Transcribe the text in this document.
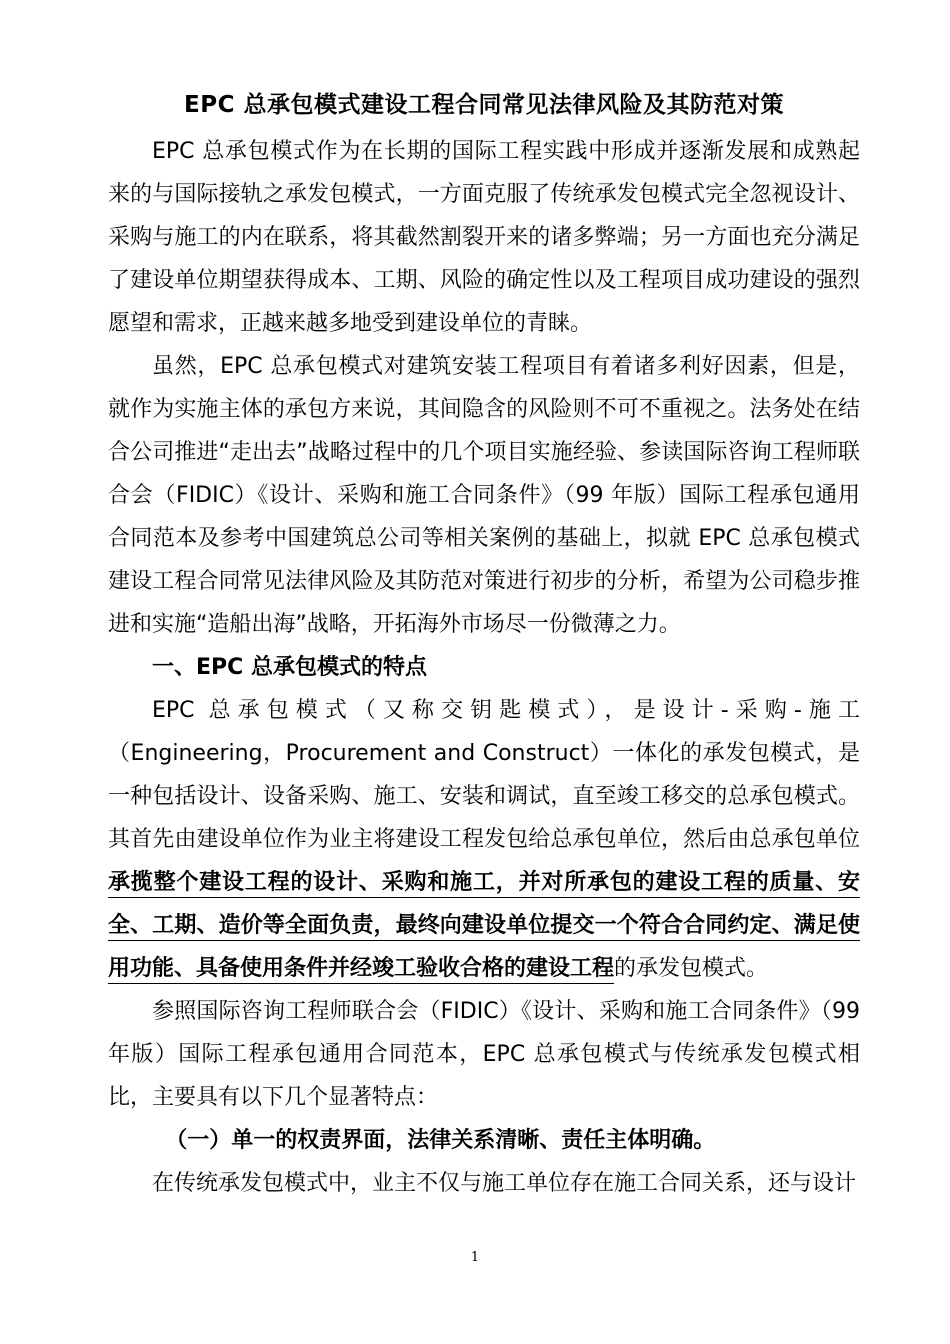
EPC 总承包模式建设工程合同常见法律风险及其防范对策

EPC 总承包模式作为在长期的国际工程实践中形成并逐渐发展和成熟起来的与国际接轨之承发包模式，一方面克服了传统承发包模式完全忽视设计、采购与施工的内在联系，将其截然割裂开来的诸多弊端；另一方面也充分满足了建设单位期望获得成本、工期、风险的确定性以及工程项目成功建设的强烈愿望和需求，正越来越多地受到建设单位的青睐。

虽然，EPC 总承包模式对建筑安装工程项目有着诸多利好因素，但是，就作为实施主体的承包方来说，其间隐含的风险则不可不重视之。法务处在结合公司推进“走出去”战略过程中的几个项目实施经验、参读国际咨询工程师联合会（FIDIC）《设计、采购和施工合同条件》（99 年版）国际工程承包通用合同范本及参考中国建筑总公司等相关案例的基础上，拟就 EPC 总承包模式建设工程合同常见法律风险及其防范对策进行初步的分析，希望为公司稳步推进和实施“造船出海”战略，开拓海外市场尽一份微薄之力。

一、EPC 总承包模式的特点

EPC 总承包模式（又称交钥匙模式），是设计-采购-施工（Engineering，Procurement and Construct）一体化的承发包模式，是一种包括设计、设备采购、施工、安装和调试，直至竣工移交的总承包模式。其首先由建设单位作为业主将建设工程发包给总承包单位，然后由总承包单位承揽整个建设工程的设计、采购和施工，并对所承包的建设工程的质量、安全、工期、造价等全面负责，最终向建设单位提交一个符合合同约定、满足使用功能、具备使用条件并经竣工验收合格的建设工程的承发包模式。

参照国际咨询工程师联合会（FIDIC）《设计、采购和施工合同条件》（99 年版）国际工程承包通用合同范本，EPC 总承包模式与传统承发包模式相比，主要具有以下几个显著特点：

（一）单一的权责界面，法律关系清晰、责任主体明确。

在传统承发包模式中，业主不仅与施工单位存在施工合同关系，还与设计

1
